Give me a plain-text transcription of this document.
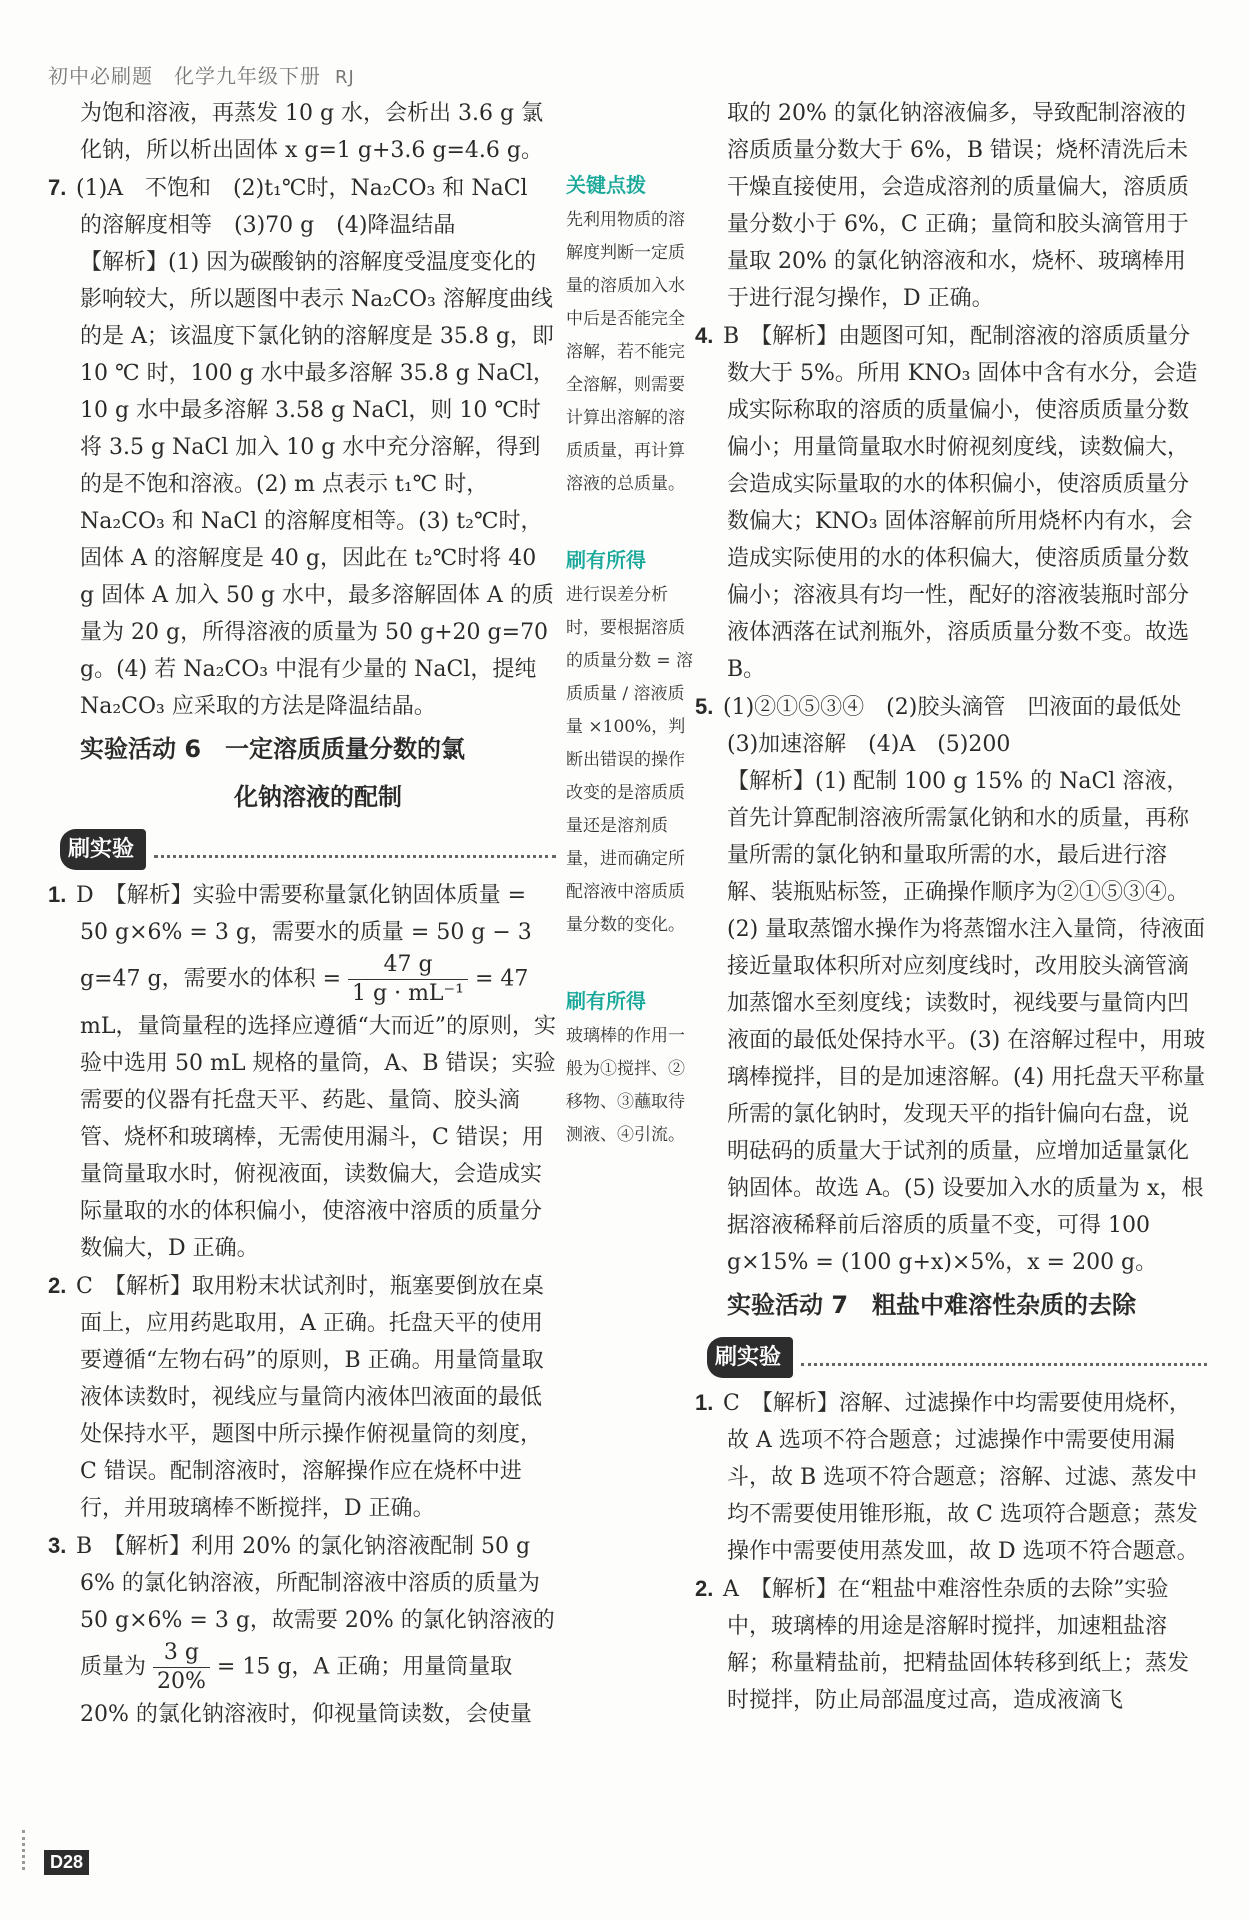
初中必刷题　化学九年级下册 RJ

为饱和溶液，再蒸发 10 g 水，会析出 3.6 g 氯化钠，所以析出固体 x g=1 g+3.6 g=4.6 g。

7. (1)A　不饱和　(2)t₁℃时，Na₂CO₃ 和 NaCl 的溶解度相等　(3)70 g　(4)降温结晶

【解析】(1) 因为碳酸钠的溶解度受温度变化的影响较大，所以题图中表示 Na₂CO₃ 溶解度曲线的是 A；该温度下氯化钠的溶解度是 35.8 g，即 10 ℃ 时，100 g 水中最多溶解 35.8 g NaCl，10 g 水中最多溶解 3.58 g NaCl，则 10 ℃时将 3.5 g NaCl 加入 10 g 水中充分溶解，得到的是不饱和溶液。(2) m 点表示 t₁℃ 时，Na₂CO₃ 和 NaCl 的溶解度相等。(3) t₂℃时，固体 A 的溶解度是 40 g，因此在 t₂℃时将 40 g 固体 A 加入 50 g 水中，最多溶解固体 A 的质量为 20 g，所得溶液的质量为 50 g+20 g=70 g。(4) 若 Na₂CO₃ 中混有少量的 NaCl，提纯 Na₂CO₃ 应采取的方法是降温结晶。

实验活动 6　一定溶质质量分数的氯
化钠溶液的配制
刷实验

1. D　【解析】实验中需要称量氯化钠固体质量 = 50 g×6% = 3 g，需要水的质量 = 50 g − 3 g=47 g，需要水的体积 = $\frac{47 g}{\text{1 g · mL⁻¹}} = 47$ mL，量筒量程的选择应遵循“大而近”的原则，实验中选用 50 mL 规格的量筒，A、B 错误；实验需要的仪器有托盘天平、药匙、量筒、胶头滴管、烧杯和玻璃棒，无需使用漏斗，C 错误；用量筒量取水时，俯视液面，读数偏大，会造成实际量取的水的体积偏小，使溶液中溶质的质量分数偏大，D 正确。

2. C　【解析】取用粉末状试剂时，瓶塞要倒放在桌面上，应用药匙取用，A 正确。托盘天平的使用要遵循“左物右码”的原则，B 正确。用量筒量取液体读数时，视线应与量筒内液体凹液面的最低处保持水平，题图中所示操作俯视量筒的刻度，C 错误。配制溶液时，溶解操作应在烧杯中进行，并用玻璃棒不断搅拌，D 正确。

3. B　【解析】利用 20% 的氯化钠溶液配制 50 g 6% 的氯化钠溶液，所配制溶液中溶质的质量为 50 g×6% = 3 g，故需要 20% 的氯化钠溶液的质量为 $\frac{3 g}{20\%} = 15$ g，A 正确；用量筒量取 20% 的氯化钠溶液时，仰视量筒读数，会使量

关键点拨
先利用物质的溶解度判断一定质量的溶质加入水中后是否能完全溶解，若不能完全溶解，则需要计算出溶解的溶质质量，再计算溶液的总质量。
刷有所得
进行误差分析时，要根据溶质的质量分数 = 溶质质量 / 溶液质量 ×100%，判断出错误的操作改变的是溶质质量还是溶剂质量，进而确定所配溶液中溶质质量分数的变化。
刷有所得
玻璃棒的作用一般为①搅拌、②移物、③蘸取待测液、④引流。

取的 20% 的氯化钠溶液偏多，导致配制溶液的溶质质量分数大于 6%，B 错误；烧杯清洗后未干燥直接使用，会造成溶剂的质量偏大，溶质质量分数小于 6%，C 正确；量筒和胶头滴管用于量取 20% 的氯化钠溶液和水，烧杯、玻璃棒用于进行混匀操作，D 正确。

4. B　【解析】由题图可知，配制溶液的溶质质量分数大于 5%。所用 KNO₃ 固体中含有水分，会造成实际称取的溶质的质量偏小，使溶质质量分数偏小；用量筒量取水时俯视刻度线，读数偏大，会造成实际量取的水的体积偏小，使溶质质量分数偏大；KNO₃ 固体溶解前所用烧杯内有水，会造成实际使用的水的体积偏大，使溶质质量分数偏小；溶液具有均一性，配好的溶液装瓶时部分液体洒落在试剂瓶外，溶质质量分数不变。故选 B。

5. (1)②①⑤③④　(2)胶头滴管　凹液面的最低处　(3)加速溶解　(4)A　(5)200

【解析】(1) 配制 100 g 15% 的 NaCl 溶液，首先计算配制溶液所需氯化钠和水的质量，再称量所需的氯化钠和量取所需的水，最后进行溶解、装瓶贴标签，正确操作顺序为②①⑤③④。(2) 量取蒸馏水操作为将蒸馏水注入量筒，待液面接近量取体积所对应刻度线时，改用胶头滴管滴加蒸馏水至刻度线；读数时，视线要与量筒内凹液面的最低处保持水平。(3) 在溶解过程中，用玻璃棒搅拌，目的是加速溶解。(4) 用托盘天平称量所需的氯化钠时，发现天平的指针偏向右盘，说明砝码的质量大于试剂的质量，应增加适量氯化钠固体。故选 A。(5) 设要加入水的质量为 x，根据溶液稀释前后溶质的质量不变，可得 100 g×15% = (100 g+x)×5%，x = 200 g。

实验活动 7　粗盐中难溶性杂质的去除
刷实验

1. C　【解析】溶解、过滤操作中均需要使用烧杯，故 A 选项不符合题意；过滤操作中需要使用漏斗，故 B 选项不符合题意；溶解、过滤、蒸发中均不需要使用锥形瓶，故 C 选项符合题意；蒸发操作中需要使用蒸发皿，故 D 选项不符合题意。

2. A　【解析】在“粗盐中难溶性杂质的去除”实验中，玻璃棒的用途是溶解时搅拌，加速粗盐溶解；称量精盐前，把精盐固体转移到纸上；蒸发时搅拌，防止局部温度过高，造成液滴飞

D28
